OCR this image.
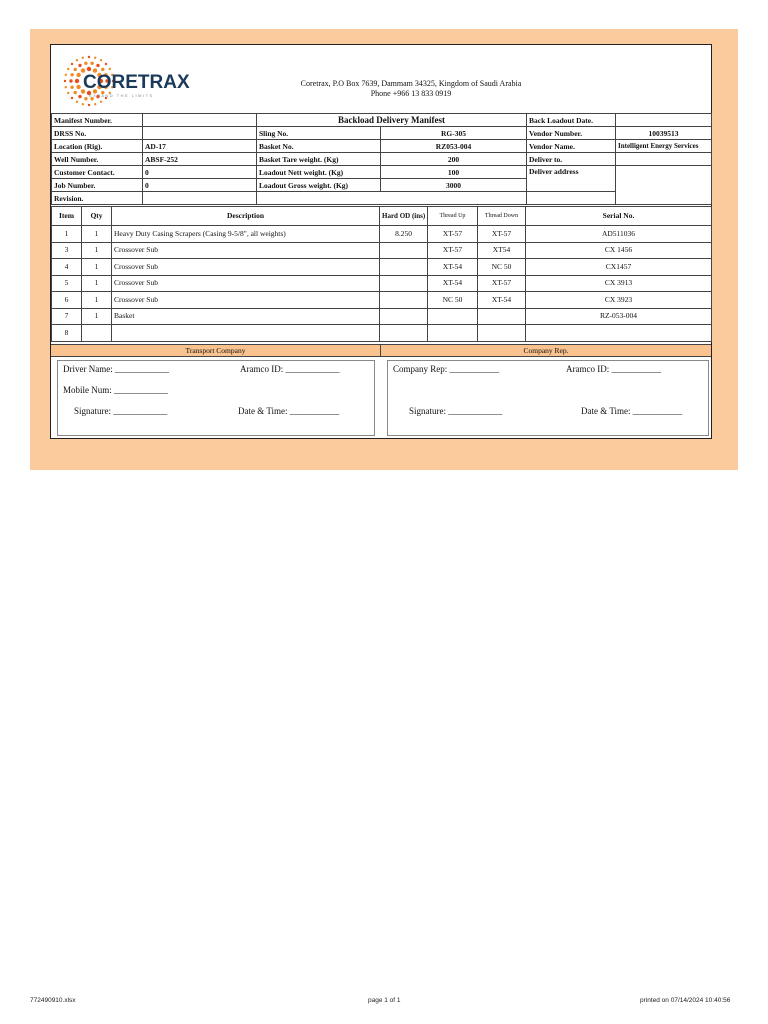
CORETRAX
EXPAND THE LIMITS
Coretrax, P.O Box 7639, Dammam 34325, Kingdom of Saudi Arabia
Phone +966 13 833 0919
Manifest Number.		Backload Delivery Manifest		Back Loadout Date.	
DRSS No.		Sling No.	RG-305	Vendor Number.	10039513
Location (Rig).	AD-17	Basket No.	RZ053-004	Vendor Name.	Intelligent Energy Services
Well Number.	ABSF-252	Basket Tare weight. (Kg)	200	Deliver to.	
Customer Contact.	0	Loadout Nett weight. (Kg)	100	Deliver address	
Job Number.	0	Loadout Gross weight. (Kg)	3000		
Revision.					
Item	Qty	Description	Hard OD (ins)	Thread Up	Thread Down	Serial No.
1	1	Heavy Duty Casing Scrapers (Casing 9-5/8", all weights)	8.250	XT-57	XT-57	AD511036
3	1	Crossover Sub		XT-57	XT54	CX 1456
4	1	Crossover Sub		XT-54	NC 50	CX1457
5	1	Crossover Sub		XT-54	XT-57	CX 3913
6	1	Crossover Sub		NC 50	XT-54	CX 3923
7	1	Basket				RZ-053-004
8						
Transport Company	Company Rep.
Driver Name: ____________	Aramco ID: ____________
Mobile Num: ____________
Signature: ____________	Date & Time: ___________
Company Rep: ___________	Aramco ID: ___________
Signature: ____________	Date & Time: ___________
772490910.xlsx	page 1 of 1	printed on 07/14/2024 10:40:56
